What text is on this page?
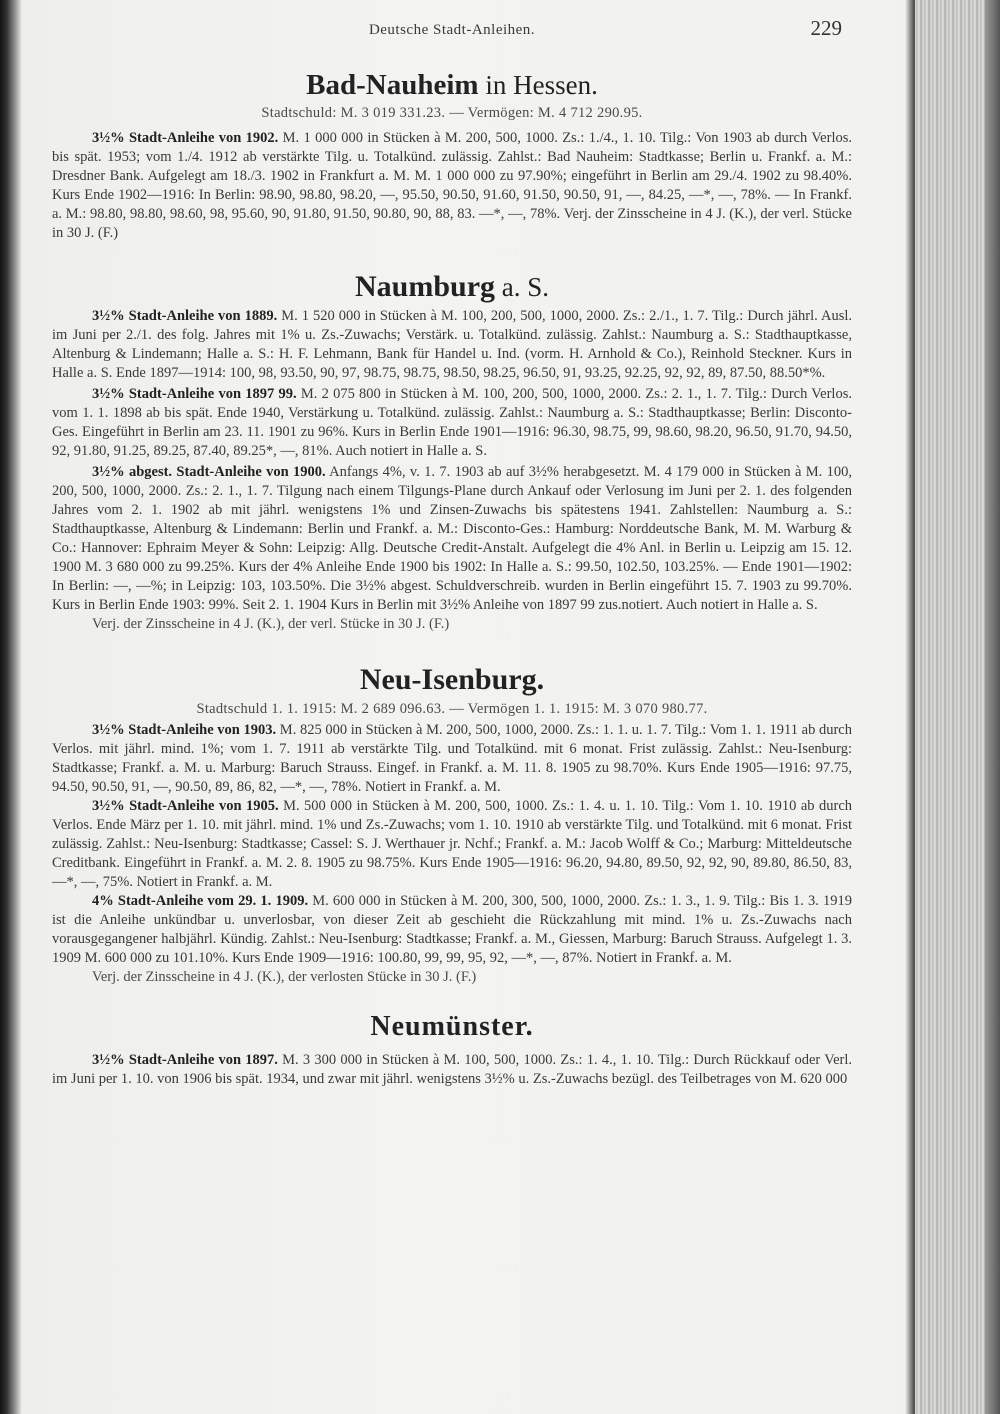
Deutsche Stadt-Anleihen.	229
Bad-Nauheim in Hessen.

Stadtschuld: M. 3 019 331.23. — Vermögen: M. 4 712 290.95.

3½% Stadt-Anleihe von 1902. M. 1 000 000 in Stücken à M. 200, 500, 1000. Zs.: 1./4., 1. 10. Tilg.: Von 1903 ab durch Verlos. bis spät. 1953; vom 1./4. 1912 ab verstärkte Tilg. u. Totalkünd. zulässig. Zahlst.: Bad Nauheim: Stadtkasse; Berlin u. Frankf. a. M.: Dresdner Bank. Aufgelegt am 18./3. 1902 in Frankfurt a. M. M. 1 000 000 zu 97.90%; eingeführt in Berlin am 29./4. 1902 zu 98.40%. Kurs Ende 1902—1916: In Berlin: 98.90, 98.80, 98.20, —, 95.50, 90.50, 91.60, 91.50, 90.50, 91, —, 84.25, —*, —, 78%. — In Frankf. a. M.: 98.80, 98.80, 98.60, 98, 95.60, 90, 91.80, 91.50, 90.80, 90, 88, 83. —*, —, 78%. Verj. der Zinsscheine in 4 J. (K.), der verl. Stücke in 30 J. (F.)

Naumburg a. S.

3½% Stadt-Anleihe von 1889. M. 1 520 000 in Stücken à M. 100, 200, 500, 1000, 2000. Zs.: 2./1., 1. 7. Tilg.: Durch jährl. Ausl. im Juni per 2./1. des folg. Jahres mit 1% u. Zs.-Zuwachs; Verstärk. u. Totalkünd. zulässig. Zahlst.: Naumburg a. S.: Stadthauptkasse, Altenburg & Lindemann; Halle a. S.: H. F. Lehmann, Bank für Handel u. Ind. (vorm. H. Arnhold & Co.), Reinhold Steckner. Kurs in Halle a. S. Ende 1897—1914: 100, 98, 93.50, 90, 97, 98.75, 98.75, 98.50, 98.25, 96.50, 91, 93.25, 92.25, 92, 92, 89, 87.50, 88.50*%.

3½% Stadt-Anleihe von 1897 99. M. 2 075 800 in Stücken à M. 100, 200, 500, 1000, 2000. Zs.: 2. 1., 1. 7. Tilg.: Durch Verlos. vom 1. 1. 1898 ab bis spät. Ende 1940, Verstärkung u. Totalkünd. zulässig. Zahlst.: Naumburg a. S.: Stadthauptkasse; Berlin: Disconto-Ges. Eingeführt in Berlin am 23. 11. 1901 zu 96%. Kurs in Berlin Ende 1901—1916: 96.30, 98.75, 99, 98.60, 98.20, 96.50, 91.70, 94.50, 92, 91.80, 91.25, 89.25, 87.40, 89.25*, —, 81%. Auch notiert in Halle a. S.

3½% abgest. Stadt-Anleihe von 1900. Anfangs 4%, v. 1. 7. 1903 ab auf 3½% herabgesetzt. M. 4 179 000 in Stücken à M. 100, 200, 500, 1000, 2000. Zs.: 2. 1., 1. 7. Tilgung nach einem Tilgungs-Plane durch Ankauf oder Verlosung im Juni per 2. 1. des folgenden Jahres vom 2. 1. 1902 ab mit jährl. wenigstens 1% und Zinsen-Zuwachs bis spätestens 1941. Zahlstellen: Naumburg a. S.: Stadthauptkasse, Altenburg & Lindemann: Berlin und Frankf. a. M.: Disconto-Ges.: Hamburg: Norddeutsche Bank, M. M. Warburg & Co.: Hannover: Ephraim Meyer & Sohn: Leipzig: Allg. Deutsche Credit-Anstalt. Aufgelegt die 4% Anl. in Berlin u. Leipzig am 15. 12. 1900 M. 3 680 000 zu 99.25%. Kurs der 4% Anleihe Ende 1900 bis 1902: In Halle a. S.: 99.50, 102.50, 103.25%. — Ende 1901—1902: In Berlin: —, —%; in Leipzig: 103, 103.50%. Die 3½% abgest. Schuldverschreib. wurden in Berlin eingeführt 15. 7. 1903 zu 99.70%. Kurs in Berlin Ende 1903: 99%. Seit 2. 1. 1904 Kurs in Berlin mit 3½% Anleihe von 1897 99 zus.notiert. Auch notiert in Halle a. S.

Verj. der Zinsscheine in 4 J. (K.), der verl. Stücke in 30 J. (F.)

Neu-Isenburg.

Stadtschuld 1. 1. 1915: M. 2 689 096.63. — Vermögen 1. 1. 1915: M. 3 070 980.77.

3½% Stadt-Anleihe von 1903. M. 825 000 in Stücken à M. 200, 500, 1000, 2000. Zs.: 1. 1. u. 1. 7. Tilg.: Vom 1. 1. 1911 ab durch Verlos. mit jährl. mind. 1%; vom 1. 7. 1911 ab verstärkte Tilg. und Totalkünd. mit 6 monat. Frist zulässig. Zahlst.: Neu-Isenburg: Stadtkasse; Frankf. a. M. u. Marburg: Baruch Strauss. Eingef. in Frankf. a. M. 11. 8. 1905 zu 98.70%. Kurs Ende 1905—1916: 97.75, 94.50, 90.50, 91, —, 90.50, 89, 86, 82, —*, —, 78%. Notiert in Frankf. a. M.

3½% Stadt-Anleihe von 1905. M. 500 000 in Stücken à M. 200, 500, 1000. Zs.: 1. 4. u. 1. 10. Tilg.: Vom 1. 10. 1910 ab durch Verlos. Ende März per 1. 10. mit jährl. mind. 1% und Zs.-Zuwachs; vom 1. 10. 1910 ab verstärkte Tilg. und Totalkünd. mit 6 monat. Frist zulässig. Zahlst.: Neu-Isenburg: Stadtkasse; Cassel: S. J. Werthauer jr. Nchf.; Frankf. a. M.: Jacob Wolff & Co.; Marburg: Mitteldeutsche Creditbank. Eingeführt in Frankf. a. M. 2. 8. 1905 zu 98.75%. Kurs Ende 1905—1916: 96.20, 94.80, 89.50, 92, 92, 90, 89.80, 86.50, 83, —*, —, 75%. Notiert in Frankf. a. M.

4% Stadt-Anleihe vom 29. 1. 1909. M. 600 000 in Stücken à M. 200, 300, 500, 1000, 2000. Zs.: 1. 3., 1. 9. Tilg.: Bis 1. 3. 1919 ist die Anleihe unkündbar u. unverlosbar, von dieser Zeit ab geschieht die Rückzahlung mit mind. 1% u. Zs.-Zuwachs nach vorausgegangener halbjährl. Kündig. Zahlst.: Neu-Isenburg: Stadtkasse; Frankf. a. M., Giessen, Marburg: Baruch Strauss. Aufgelegt 1. 3. 1909 M. 600 000 zu 101.10%. Kurs Ende 1909—1916: 100.80, 99, 99, 95, 92, —*, —, 87%. Notiert in Frankf. a. M.

Verj. der Zinsscheine in 4 J. (K.), der verlosten Stücke in 30 J. (F.)

Neumünster.

3½% Stadt-Anleihe von 1897. M. 3 300 000 in Stücken à M. 100, 500, 1000. Zs.: 1. 4., 1. 10. Tilg.: Durch Rückkauf oder Verl. im Juni per 1. 10. von 1906 bis spät. 1934, und zwar mit jährl. wenigstens 3½% u. Zs.-Zuwachs bezügl. des Teilbetrages von M. 620 000
